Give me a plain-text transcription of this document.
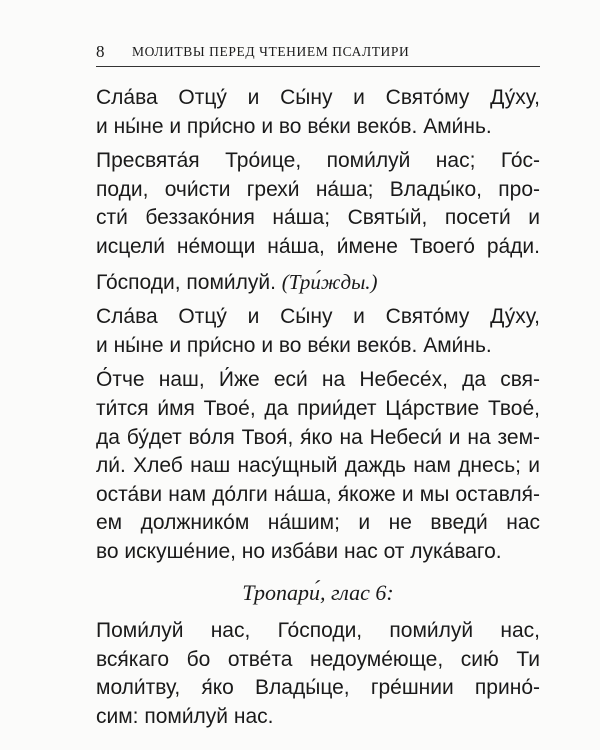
8 МОЛИТВЫ ПЕРЕД ЧТЕНИЕМ ПСАЛТИРИ
Сла́ва Отцу́ и Сы́ну и Свято́му Ду́ху,
и ны́не и при́сно и во ве́ки веко́в. Ами́нь.
Пресвята́я Тро́ице, поми́луй нас; Го́с-
поди, очи́сти грехи́ на́ша; Влады́ко, про-
сти́ беззако́ния на́ша; Святы́й, посети́ и
исцели́ не́мощи на́ша, и́мене Твоего́ ра́ди.
Го́споди, поми́луй. (Три́жды.)
Сла́ва Отцу́ и Сы́ну и Свято́му Ду́ху,
и ны́не и при́сно и во ве́ки веко́в. Ами́нь.
О́тче наш, И́же еси́ на Небесе́х, да свя-
ти́тся и́мя Твое́, да прии́дет Ца́рствие Твое́,
да бу́дет во́ля Твоя́, я́ко на Небеси́ и на зем-
ли́. Хлеб наш насу́щный даждь нам днесь; и
оста́ви нам до́лги на́ша, я́коже и мы оставля́-
ем должнико́м на́шим; и не введи́ нас
во искуше́ние, но изба́ви нас от лука́ваго.
Тропари́, глас 6:
Поми́луй нас, Го́споди, поми́луй нас,
вся́каго бо отве́та недоуме́юще, сию́ Ти
моли́тву, я́ко Влады́це, гре́шнии прино́-
сим: поми́луй нас.
